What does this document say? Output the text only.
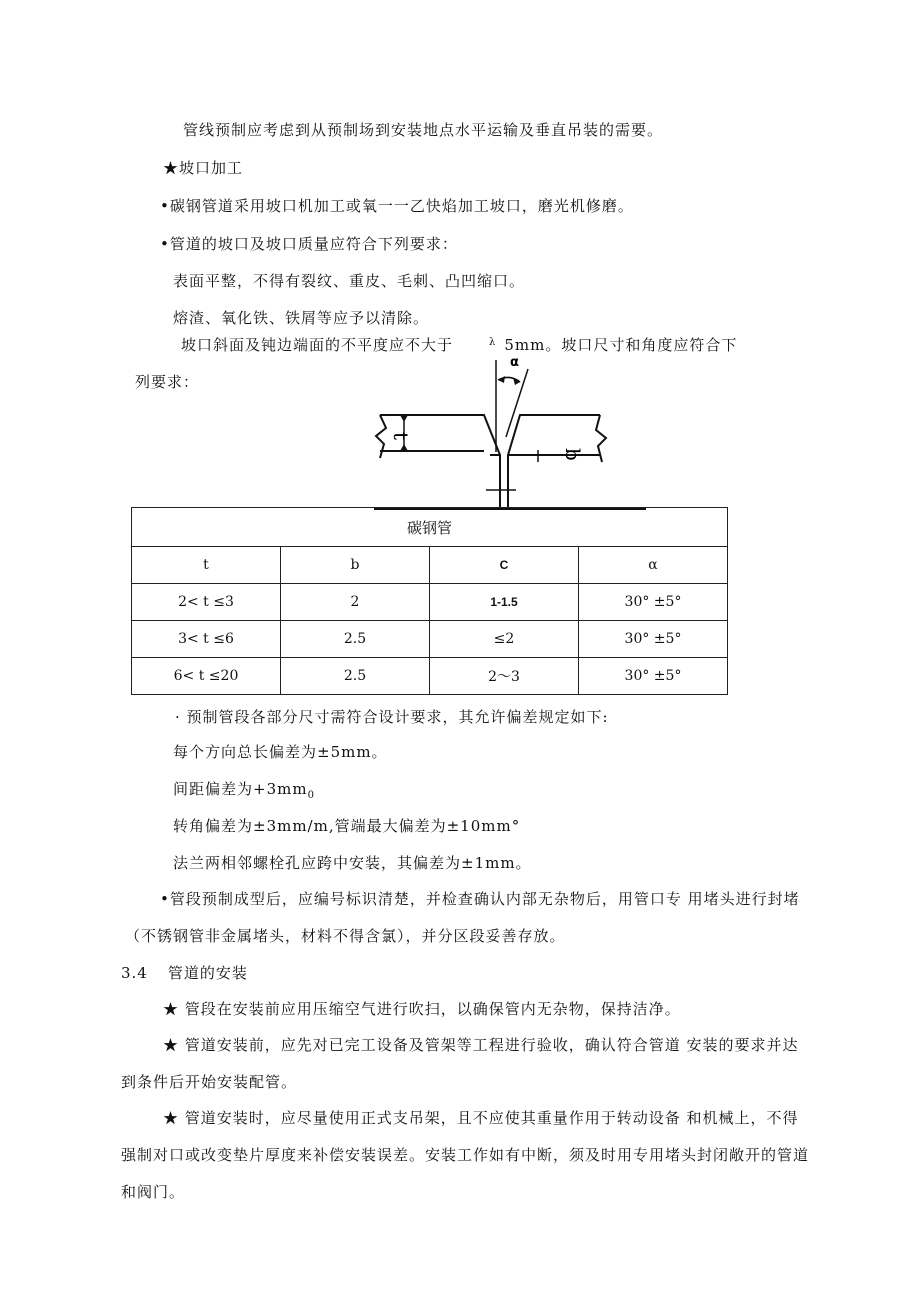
管线预制应考虑到从预制场到安装地点水平运输及垂直吊装的需要。
★坡口加工
•碳钢管道采用坡口机加工或氧一一乙快焰加工坡口，磨光机修磨。
•管道的坡口及坡口质量应符合下列要求：
表面平整，不得有裂纹、重皮、毛刺、凸凹缩口。
熔渣、氧化铁、铁屑等应予以清除。
坡口斜面及钝边端面的不平度应不大于	$^\lambda$ 5mm。坡口尺寸和角度应符合下
列要求：
α
t
b
碳钢管			
t	b	C	α
2< t ≤3	2	1-1.5	30° ±5°
3< t ≤6	2.5	≤2	30° ±5°
6< t ≤20	2.5	2〜3	30° ±5°
· 预制管段各部分尺寸需符合设计要求，其允许偏差规定如下:
每个方向总长偏差为±5mm。
间距偏差为$+3mm_0$
转角偏差为±3mm/m,管端最大偏差为±10mm°
法兰两相邻螺栓孔应跨中安装，其偏差为±1mm。
•管段预制成型后，应编号标识清楚，并检查确认内部无杂物后，用管口专 用堵头进行封堵
（不锈钢管非金属堵头，材料不得含氯），并分区段妥善存放。
3.4 管道的安装
★ 管段在安装前应用压缩空气进行吹扫，以确保管内无杂物，保持洁净。
★ 管道安装前，应先对已完工设备及管架等工程进行验收，确认符合管道 安装的要求并达
到条件后开始安装配管。
★ 管道安装时，应尽量使用正式支吊架，且不应使其重量作用于转动设备 和机械上，不得
强制对口或改变垫片厚度来补偿安装误差。安装工作如有中断，须及时用专用堵头封闭敞开的管道
和阀门。
